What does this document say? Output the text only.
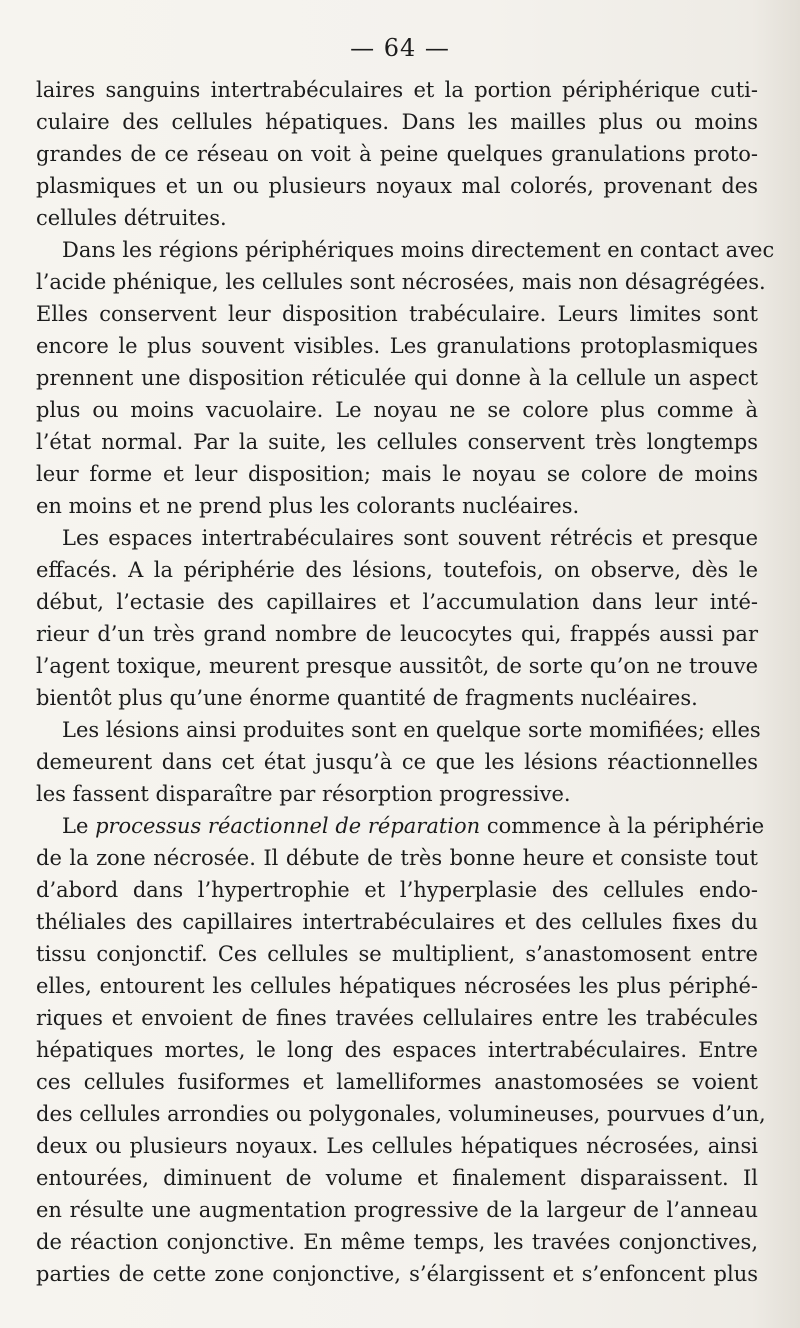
— 64 —
laires sanguins intertrabéculaires et la portion périphérique cuti-
culaire des cellules hépatiques. Dans les mailles plus ou moins
grandes de ce réseau on voit à peine quelques granulations proto-
plasmiques et un ou plusieurs noyaux mal colorés, provenant des
cellules détruites.
Dans les régions périphériques moins directement en contact avec
l’acide phénique, les cellules sont nécrosées, mais non désagrégées.
Elles conservent leur disposition trabéculaire. Leurs limites sont
encore le plus souvent visibles. Les granulations protoplasmiques
prennent une disposition réticulée qui donne à la cellule un aspect
plus ou moins vacuolaire. Le noyau ne se colore plus comme à
l’état normal. Par la suite, les cellules conservent très longtemps
leur forme et leur disposition; mais le noyau se colore de moins
en moins et ne prend plus les colorants nucléaires.
Les espaces intertrabéculaires sont souvent rétrécis et presque
effacés. A la périphérie des lésions, toutefois, on observe, dès le
début, l’ectasie des capillaires et l’accumulation dans leur inté-
rieur d’un très grand nombre de leucocytes qui, frappés aussi par
l’agent toxique, meurent presque aussitôt, de sorte qu’on ne trouve
bientôt plus qu’une énorme quantité de fragments nucléaires.
Les lésions ainsi produites sont en quelque sorte momifiées; elles
demeurent dans cet état jusqu’à ce que les lésions réactionnelles
les fassent disparaître par résorption progressive.
Le processus réactionnel de réparation commence à la périphérie
de la zone nécrosée. Il débute de très bonne heure et consiste tout
d’abord dans l’hypertrophie et l’hyperplasie des cellules endo-
théliales des capillaires intertrabéculaires et des cellules fixes du
tissu conjonctif. Ces cellules se multiplient, s’anastomosent entre
elles, entourent les cellules hépatiques nécrosées les plus périphé-
riques et envoient de fines travées cellulaires entre les trabécules
hépatiques mortes, le long des espaces intertrabéculaires. Entre
ces cellules fusiformes et lamelliformes anastomosées se voient
des cellules arrondies ou polygonales, volumineuses, pourvues d’un,
deux ou plusieurs noyaux. Les cellules hépatiques nécrosées, ainsi
entourées, diminuent de volume et finalement disparaissent. Il
en résulte une augmentation progressive de la largeur de l’anneau
de réaction conjonctive. En même temps, les travées conjonctives,
parties de cette zone conjonctive, s’élargissent et s’enfoncent plus
